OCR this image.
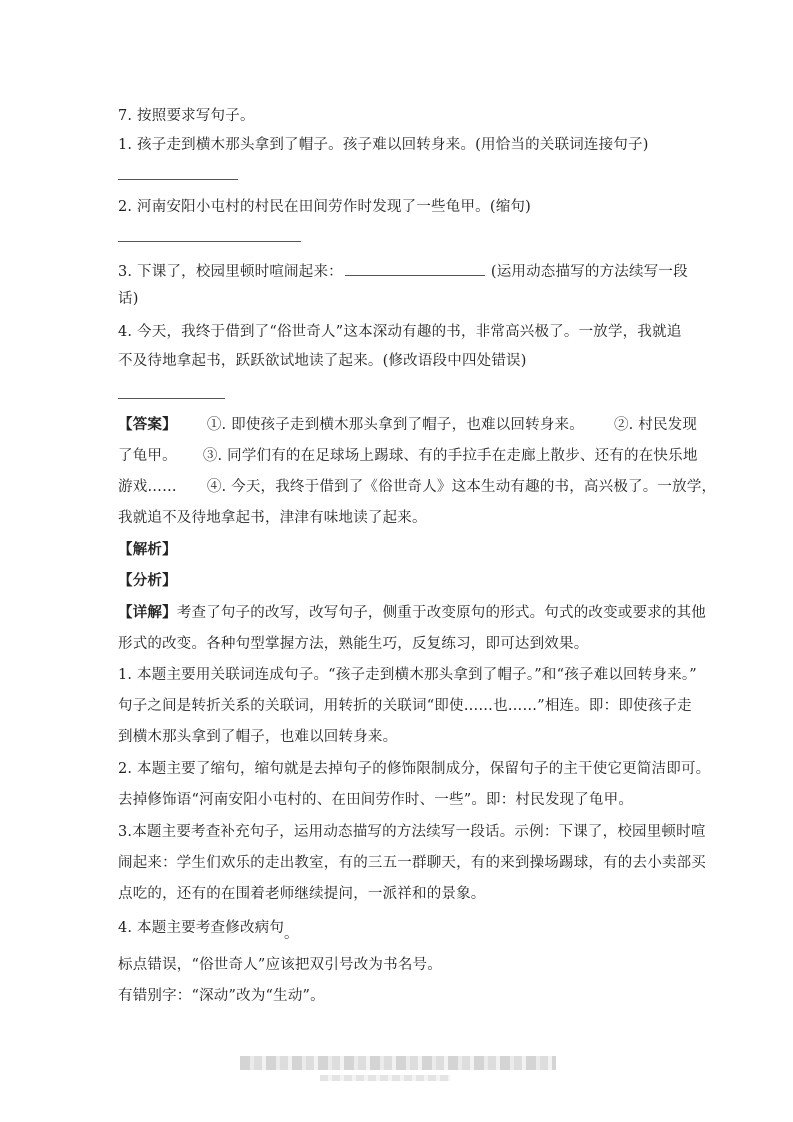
7. 按照要求写句子。
1. 孩子走到横木那头拿到了帽子。孩子难以回转身来。(用恰当的关联词连接句子)
2. 河南安阳小屯村的村民在田间劳作时发现了一些龟甲。(缩句)
3. 下课了，校园里顿时喧闹起来：	(运用动态描写的方法续写一段
话)
4. 今天，我终于借到了“俗世奇人”这本深动有趣的书，非常高兴极了。一放学，我就追
不及待地拿起书，跃跃欲试地读了起来。(修改语段中四处错误)
【答案】 ①. 即使孩子走到横木那头拿到了帽子，也难以回转身来。 ②. 村民发现
了龟甲。 ③. 同学们有的在足球场上踢球、有的手拉手在走廊上散步、还有的在快乐地
游戏…… ④. 今天，我终于借到了《俗世奇人》这本生动有趣的书，高兴极了。一放学，
我就追不及待地拿起书，津津有味地读了起来。
【解析】
【分析】
【详解】考查了句子的改写，改写句子，侧重于改变原句的形式。句式的改变或要求的其他
形式的改变。各种句型掌握方法，熟能生巧，反复练习，即可达到效果。
1. 本题主要用关联词连成句子。“孩子走到横木那头拿到了帽子。”和“孩子难以回转身来。”
句子之间是转折关系的关联词，用转折的关联词“即使……也……”相连。即：即使孩子走
到横木那头拿到了帽子，也难以回转身来。
2. 本题主要了缩句，缩句就是去掉句子的修饰限制成分，保留句子的主干使它更简洁即可。
去掉修饰语“河南安阳小屯村的、在田间劳作时、一些”。即：村民发现了龟甲。
3.本题主要考查补充句子，运用动态描写的方法续写一段话。示例：下课了，校园里顿时喧
闹起来：学生们欢乐的走出教室，有的三五一群聊天，有的来到操场踢球，有的去小卖部买
点吃的，还有的在围着老师继续提问，一派祥和的景象。
4. 本题主要考查修改病句。
标点错误，“俗世奇人”应该把双引号改为书名号。
有错别字：“深动”改为“生动”。
